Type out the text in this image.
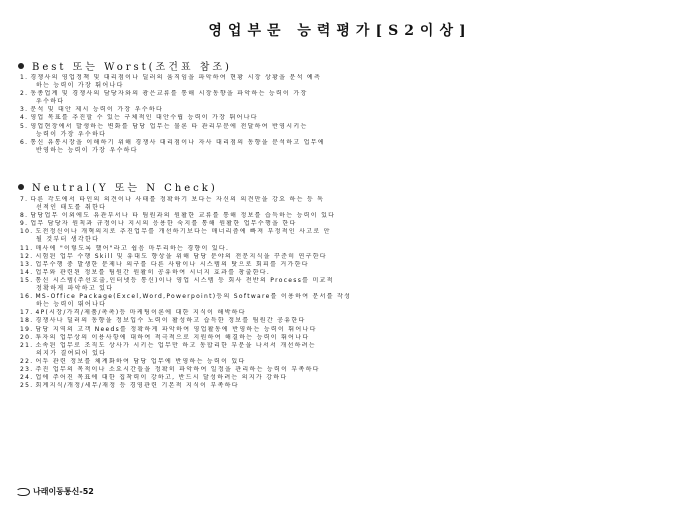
영업부문 능력평가[S2이상]
Best 또는 Worst(조건표 참조)
1. 경쟁사의 영업정책 및 대리점이나 딜러의 움직임을 파악하여 현황 시장 상황을 분석 예측
하는 능력이 가장 뛰어나다
2. 동종업계 및 경쟁사의 담당자와의 광은교류를 통해 시장동향을 파악하는 능력이 가장
우수하다
3. 분석 및 대안 제시 능력이 가장 우수하다
4. 영업 목표를 추진할 수 있는 구체적인 대안수립 능력이 가장 뛰어나다
5. 영업현장에서 발생하는 변화를 담당 업무는 물론 타 관리부문에 전달하여 반영시키는
능력이 가장 우수하다
6. 통신 유통시장을 이해하기 위해 경쟁사 대리점이나 자사 대리점의 동향을 분석하고 업무에
반영하는 능력이 가장 우수하다
Neutral(Y 또는 N Check)
7. 다른 각도에서 타인의 의견이나 사태를 정확하기 보다는 자신의 의견만을 강요 하는 등 독
선적인 태도를 취한다
8. 담당업무 이외에도 유관부서나 타 팀원과의 원활한 교류를 통해 정보를 습득하는 능력이 있다
9. 업무 담당자 원칙과 규정이나 지시의 응용한 숙지를 통해 원활한 업무수행을 한다
10. 도전정신이나 개혁의지로 추진업무를 개선하기보다는 매너리즘에 빠져 부정적인 사고로 안
될 것부터 생각한다
11. 매사에 "이렇도록 했어"라고 쉽음 마무리하는 경향이 있다.
12. 시험된 업무 수행 Skill 및 유대도 향상을 위해 담당 분야의 전문지식을 꾸준히 연구한다
13. 업무수행 중 발생한 문제나 의구를 다른 사람이나 시스템의 탓으로 회피를 거가한다
14. 업무와 관련된 정보를 팀원간 원활히 공유하여 시너지 효과를 창출한다.
15. 통신 시스템(주선호출,인터넷등 통신)이나 영업 시스템 등 회사 전반의 Process를 미교적
정확하게 파악하고 있다
16. MS-Office Package(Excel,Word,Powerpoint)등의 Software를 이용하여 문서를 작성
하는 능력이 뛰어나다
17. 4P(시장/가격/제품/촉촉)등 마케팅이론에 대한 지식이 해박하다
18. 경쟁사나 딜러의 동향을 정보입수 노력이 활성하고 습득한 정보를 팀원간 공유한다
19. 담당 지역의 고객 Needs를 정확하게 파악하여 영업활동에 반영하는 능력이 뛰어나다
20. 투자의 업무상의 이용사항에 대하여 적극적으로 지원하여 해결하는 능력이 뛰어나다
21. 소속된 업무로 조직도 상사가 시키는 업무만 하고 동합리한 부분을 나서서 개선하려는
의지가 결여되어 있다
22. 어두 관련 정보를 체계화하여 담당 업무에 반영하는 능력이 있다
23. 주진 업무의 목적이나 소요시간들을 정확히 파악하여 일정을 관리하는 능력이 부족하다
24. 업에 주어진 목표에 대한 집착력이 강하고, 반드시 달성하려는 의지가 강하다
25. 회계지식/개정/세무/재정 등 경영관련 기본적 지식이 부족하다
나래이동통신-52
